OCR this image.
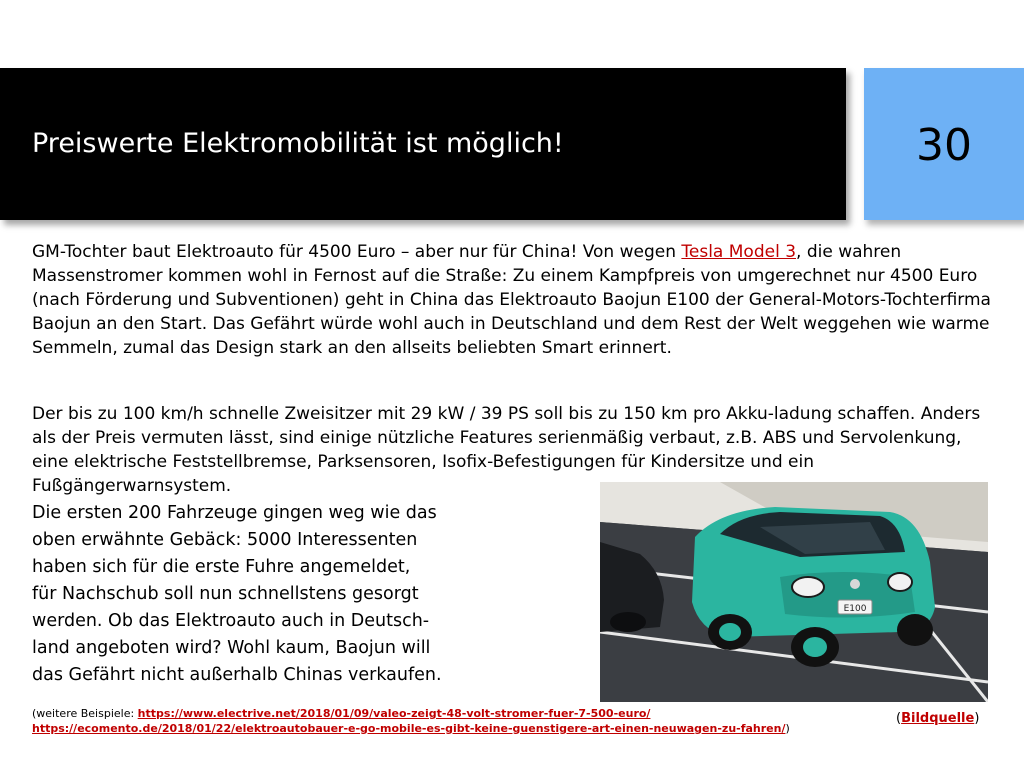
Preiswerte Elektromobilität ist möglich!	30
GM-Tochter baut Elektroauto für 4500 Euro – aber nur für China! Von wegen Tesla Model 3, die wahren Massenstromer kommen wohl in Fernost auf die Straße: Zu einem Kampfpreis von umgerechnet nur 4500 Euro (nach Förderung und Subventionen) geht in China das Elektroauto Baojun E100 der General-Motors-Tochterfirma Baojun an den Start. Das Gefährt würde wohl auch in Deutschland und dem Rest der Welt weggehen wie warme Semmeln, zumal das Design stark an den allseits beliebten Smart erinnert.
Der bis zu 100 km/h schnelle Zweisitzer mit 29 kW / 39 PS soll bis zu 150 km pro Akku-ladung schaffen. Anders als der Preis vermuten lässt, sind einige nützliche Features serienmäßig verbaut, z.B. ABS und Servolenkung, eine elektrische Feststellbremse, Parksensoren, Isofix-Befestigungen für Kindersitze und ein Fußgängerwarnsystem.
Die ersten 200 Fahrzeuge gingen weg wie das
oben erwähnte Gebäck: 5000 Interessenten
haben sich für die erste Fuhre angemeldet,
für Nachschub soll nun schnellstens gesorgt
werden. Ob das Elektroauto auch in Deutsch-
land angeboten wird? Wohl kaum, Baojun will
das Gefährt nicht außerhalb Chinas verkaufen.
E100
(weitere Beispiele: https://www.electrive.net/2018/01/09/valeo-zeigt-48-volt-stromer-fuer-7-500-euro/
https://ecomento.de/2018/01/22/elektroautobauer-e-go-mobile-es-gibt-keine-guenstigere-art-einen-neuwagen-zu-fahren/)
(Bildquelle)
